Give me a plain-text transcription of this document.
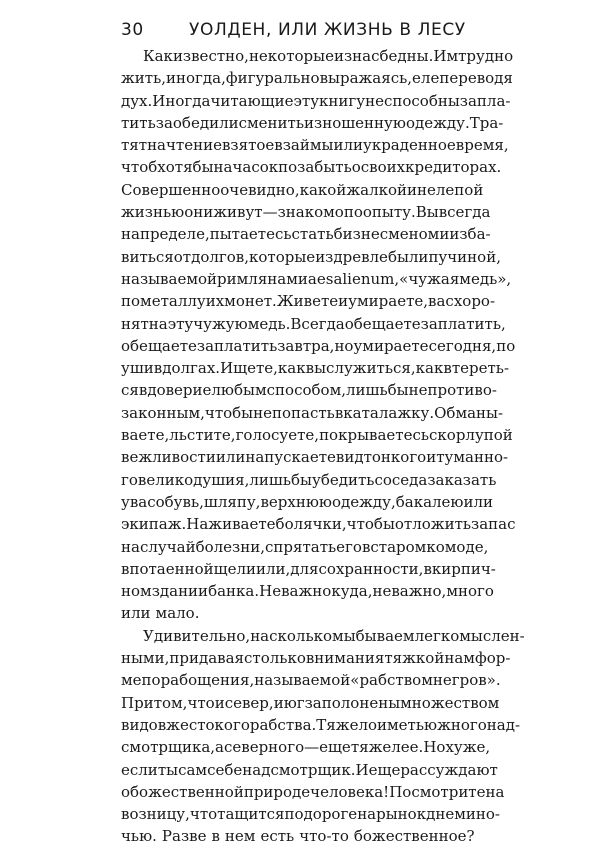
30	УОЛДЕН, ИЛИ ЖИЗНЬ В ЛЕСУ
Как известно, некоторые из нас бедны. Им трудно
жить, иногда, фигурально выражаясь, еле переводя
дух. Иногда читающие эту книгу не способны запла-
тить за обед или сменить изношенную одежду. Тра-
тят на чтение взятое взаймы или украденное время,
чтоб хотя бы на часок позабыть о своих кредиторах.
Совершенно очевидно, какой жалкой и нелепой
жизнью они живут — знакомо по опыту. Вы всегда
на пределе, пытаетесь стать бизнесменом и изба-
виться от долгов, которые издревле были пучиной,
называемой римлянами aes alienum, «чужая медь»,
по металлу их монет. Живете и умираете, вас хоро-
нят на эту чужую медь. Всегда обещаете заплатить,
обещаете заплатить завтра, но умираете сегодня, по
уши в долгах. Ищете, как выслужиться, как втереть-
ся в доверие любым способом, лишь бы не противо-
законным, чтобы не попасть в каталажку. Обманы-
ваете, льстите, голосуете, покрываетесь скорлупой
вежливости или напускаете вид тонкого и туманно-
го великодушия, лишь бы убедить соседа заказать
у вас обувь, шляпу, верхнюю одежду, бакалею или
экипаж. Наживаете болячки, чтобы отложить запас
на случай болезни, спрятать его в старом комоде,
в потаенной щели или, для сохранности, в кирпич-
ном здании банка. Не важно куда, не важно, много
или мало.
Удивительно, насколько мы бываем легкомыслен-
ными, придавая столько внимания тяжкой нам фор-
ме порабощения, называемой «рабством негров».
При том, что и север, и юг заполонены множеством
видов жестокого рабства. Тяжело иметь южного над-
смотрщика, а северного — еще тяжелее. Но хуже,
если ты сам себе надсмотрщик. И еще рассуждают
о божественной природе человека! Посмотрите на
возницу, что тащится по дороге на рынок днем и но-
чью. Разве в нем есть что-то божественное?
